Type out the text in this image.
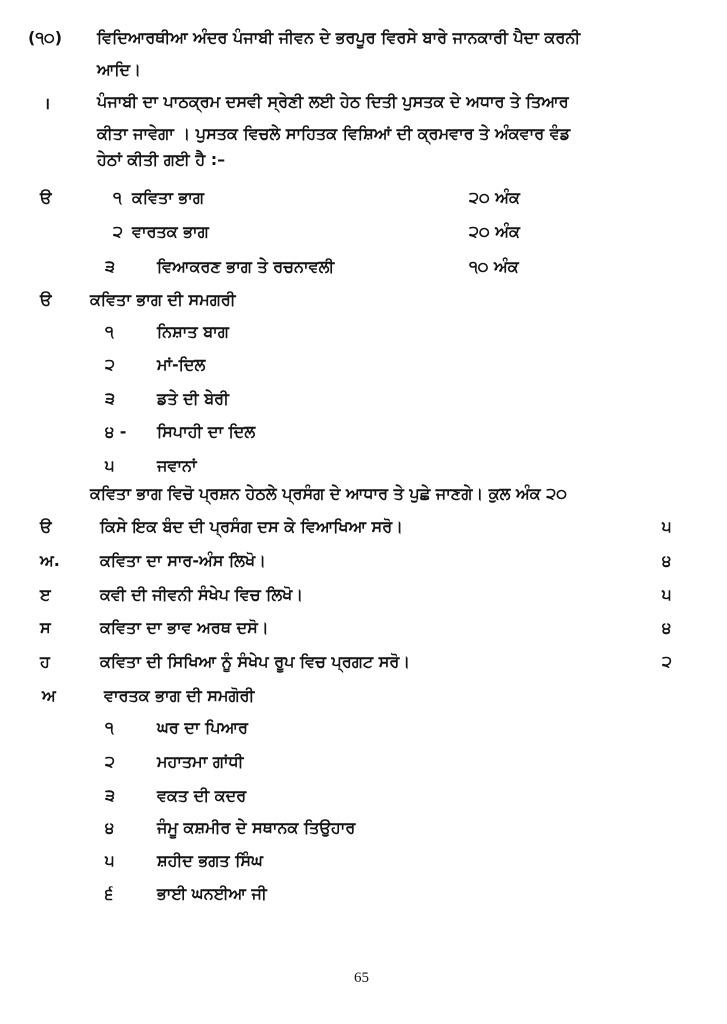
(੧੦) ਵਿਦਿਆਰਥੀਆ ਅੰਦਰ ਪੰਜਾਬੀ ਜੀਵਨ ਦੇ ਭਰਪੂਰ ਵਿਰਸੇ ਬਾਰੇ ਜਾਨਕਾਰੀ ਪੈਦਾ ਕਰਨੀ
ਆਦਿ।
।	ਪੰਜਾਬੀ ਦਾ ਪਾਠਕ੍ਰਮ ਦਸਵੀ ਸ੍ਰੇਣੀ ਲਈ ਹੇਠ ਦਿਤੀ ਪੁਸਤਕ ਦੇ ਅਧਾਰ ਤੇ ਤਿਆਰ
ਕੀਤਾ ਜਾਵੇਗਾ । ਪੁਸਤਕ ਵਿਚਲੇ ਸਾਹਿਤਕ ਵਿਸ਼ਿਆਂ ਦੀ ਕ੍ਰਮਵਾਰ ਤੇ ਅੰਕਵਾਰ ਵੰਡ
ਹੇਠਾਂ ਕੀਤੀ ਗਈ ਹੈ :–
ੳ	੧ ਕਵਿਤਾ ਭਾਗ	੨੦ ਅੰਕ
੨ ਵਾਰਤਕ ਭਾਗ	੨੦ ਅੰਕ
੩	ਵਿਆਕਰਣ ਭਾਗ ਤੇ ਰਚਨਾਵਲੀ	੧੦ ਅੰਕ
ੳ ਕਵਿਤਾ ਭਾਗ ਦੀ ਸਮਗਰੀ
੧	ਨਿਸ਼ਾਤ ਬਾਗ
੨	ਮਾਂ-ਦਿਲ
੩	ਡਤੇ ਦੀ ਬੇਰੀ
੪ - ਸਿਪਾਹੀ ਦਾ ਦਿਲ
੫	ਜਵਾਨਾਂ
ਕਵਿਤਾ ਭਾਗ ਵਿਚੋ ਪ੍ਰਸ਼ਨ ਹੇਠਲੇ ਪ੍ਰਸੰਗ ਦੇ ਆਧਾਰ ਤੇ ਪੁਛੇ ਜਾਣਗੇ। ਕੁਲ ਅੰਕ ੨੦
ੳ	ਕਿਸੇ ਇਕ ਬੰਦ ਦੀ ਪ੍ਰਸੰਗ ਦਸ ਕੇ ਵਿਆਖਿਆ ਸਰੋ।	੫
ਅ.	ਕਵਿਤਾ ਦਾ ਸਾਰ-ਅੰਸ ਲਿਖੋ।	੪
ੲ	ਕਵੀ ਦੀ ਜੀਵਨੀ ਸੰਖੇਪ ਵਿਚ ਲਿਖੋ।	੫
ਸ	ਕਵਿਤਾ ਦਾ ਭਾਵ ਅਰਥ ਦਸੋ।	੪
ਹ	ਕਵਿਤਾ ਦੀ ਸਿਖਿਆ ਨੂੰ ਸੰਖੇਪ ਰੂਪ ਵਿਚ ਪ੍ਰਗਟ ਸਰੋ।	੨
ਅ	ਵਾਰਤਕ ਭਾਗ ਦੀ ਸਮਗੋਰੀ
੧	ਘਰ ਦਾ ਪਿਆਰ
੨	ਮਹਾਤਮਾ ਗਾਂਧੀ
੩	ਵਕਤ ਦੀ ਕਦਰ
੪	ਜੰਮੂ ਕਸ਼ਮੀਰ ਦੇ ਸਥਾਨਕ ਤਿਉਹਾਰ
੫	ਸ਼ਹੀਦ ਭਗਤ ਸਿੰਘ
੬	ਭਾਈ ਘਨਈਆ ਜੀ
65
